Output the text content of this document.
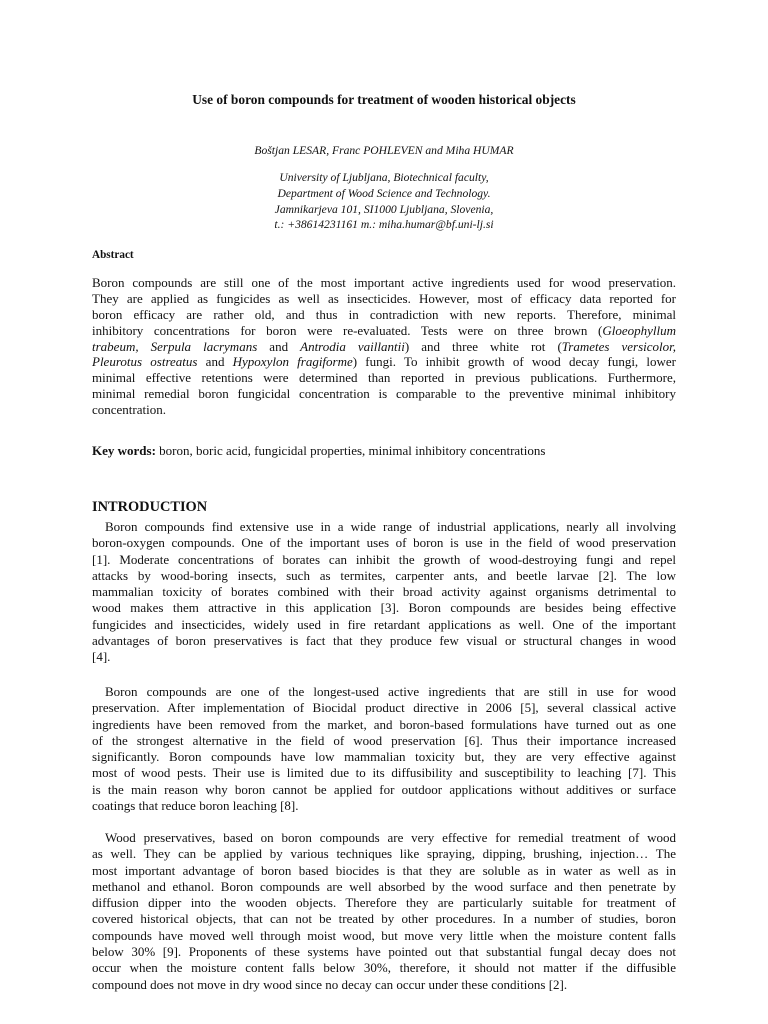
Use of boron compounds for treatment of wooden historical objects
Boštjan LESAR, Franc POHLEVEN and Miha HUMAR
University of Ljubljana, Biotechnical faculty,
Department of Wood Science and Technology.
Jamnikarjeva 101, SI1000 Ljubljana, Slovenia,
t.: +38614231161 m.: miha.humar@bf.uni-lj.si
Abstract
Boron compounds are still one of the most important active ingredients used for wood preservation.
They are applied as fungicides as well as insecticides. However, most of efficacy data reported for
boron efficacy are rather old, and thus in contradiction with new reports. Therefore, minimal
inhibitory concentrations for boron were re-evaluated. Tests were on three brown (Gloeophyllum
trabeum, Serpula lacrymans and Antrodia vaillantii) and three white rot (Trametes versicolor,
Pleurotus ostreatus and Hypoxylon fragiforme) fungi. To inhibit growth of wood decay fungi, lower
minimal effective retentions were determined than reported in previous publications. Furthermore,
minimal remedial boron fungicidal concentration is comparable to the preventive minimal inhibitory
concentration.
Key words: boron, boric acid, fungicidal properties, minimal inhibitory concentrations
INTRODUCTION
Boron compounds find extensive use in a wide range of industrial applications, nearly all involving
boron-oxygen compounds. One of the important uses of boron is use in the field of wood preservation
[1]. Moderate concentrations of borates can inhibit the growth of wood-destroying fungi and repel
attacks by wood-boring insects, such as termites, carpenter ants, and beetle larvae [2]. The low
mammalian toxicity of borates combined with their broad activity against organisms detrimental to
wood makes them attractive in this application [3]. Boron compounds are besides being effective
fungicides and insecticides, widely used in fire retardant applications as well. One of the important
advantages of boron preservatives is fact that they produce few visual or structural changes in wood
[4].
Boron compounds are one of the longest-used active ingredients that are still in use for wood
preservation. After implementation of Biocidal product directive in 2006 [5], several classical active
ingredients have been removed from the market, and boron-based formulations have turned out as one
of the strongest alternative in the field of wood preservation [6]. Thus their importance increased
significantly. Boron compounds have low mammalian toxicity but, they are very effective against
most of wood pests. Their use is limited due to its diffusibility and susceptibility to leaching [7]. This
is the main reason why boron cannot be applied for outdoor applications without additives or surface
coatings that reduce boron leaching [8].
Wood preservatives, based on boron compounds are very effective for remedial treatment of wood
as well. They can be applied by various techniques like spraying, dipping, brushing, injection… The
most important advantage of boron based biocides is that they are soluble as in water as well as in
methanol and ethanol. Boron compounds are well absorbed by the wood surface and then penetrate by
diffusion dipper into the wooden objects. Therefore they are particularly suitable for treatment of
covered historical objects, that can not be treated by other procedures. In a number of studies, boron
compounds have moved well through moist wood, but move very little when the moisture content falls
below 30% [9]. Proponents of these systems have pointed out that substantial fungal decay does not
occur when the moisture content falls below 30%, therefore, it should not matter if the diffusible
compound does not move in dry wood since no decay can occur under these conditions [2].
